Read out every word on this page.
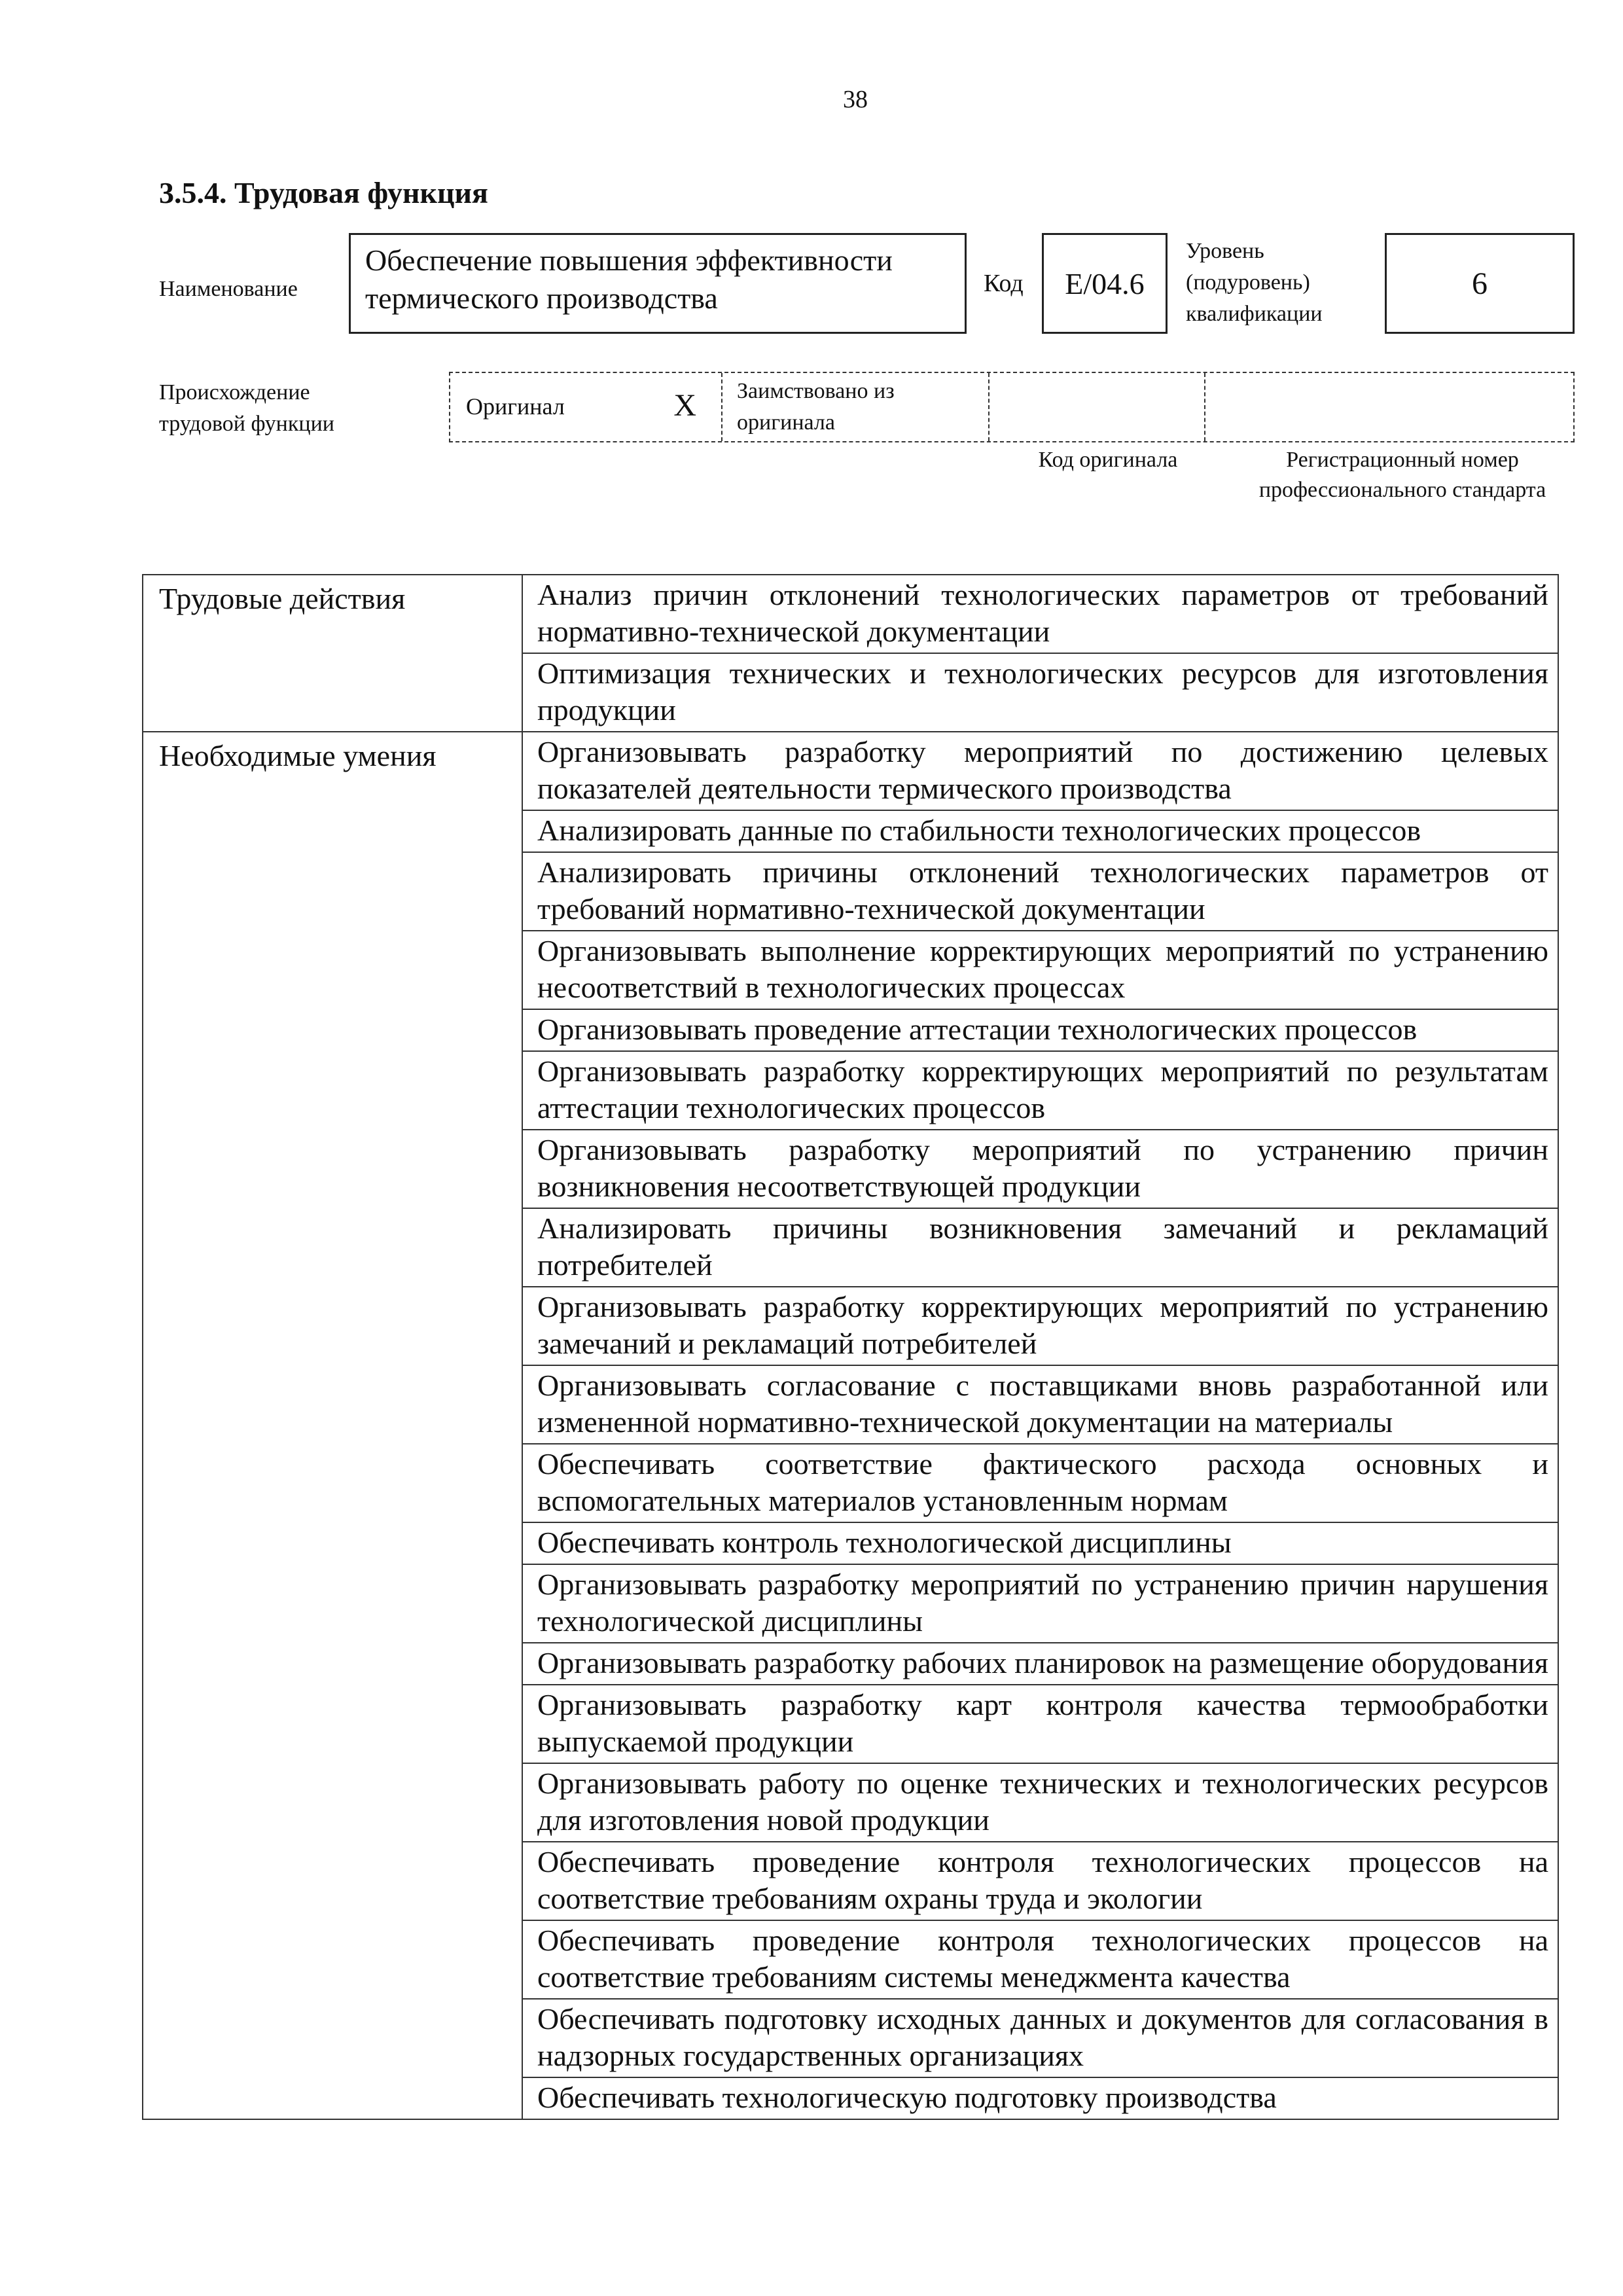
38
3.5.4. Трудовая функция
Наименование
Обеспечение повышения эффективности термического производства	Код	E/04.6
Уровень (подуровень) квалификации
6
Происхождение трудовой функции
Оригинал	X	Заимствовано из оригинала
Код оригинала	Регистрационный номер профессионального стандарта
Трудовые действия	Анализ причин отклонений технологических параметров от требований нормативно-технической документации

	Оптимизация технических и технологических ресурсов для изготовления продукции

Необходимые умения	Организовывать разработку мероприятий по достижению целевых показателей деятельности термического производства

	Анализировать данные по стабильности технологических процессов

	Анализировать причины отклонений технологических параметров от требований нормативно-технической документации

	Организовывать выполнение корректирующих мероприятий по устранению несоответствий в технологических процессах

	Организовывать проведение аттестации технологических процессов

	Организовывать разработку корректирующих мероприятий по результатам аттестации технологических процессов

	Организовывать разработку мероприятий по устранению причин возникновения несоответствующей продукции

	Анализировать причины возникновения замечаний и рекламаций потребителей

	Организовывать разработку корректирующих мероприятий по устранению замечаний и рекламаций потребителей

	Организовывать согласование с поставщиками вновь разработанной или измененной нормативно-технической документации на материалы

	Обеспечивать соответствие фактического расхода основных и вспомогательных материалов установленным нормам

	Обеспечивать контроль технологической дисциплины

	Организовывать разработку мероприятий по устранению причин нарушения технологической дисциплины

	Организовывать разработку рабочих планировок на размещение оборудования

	Организовывать разработку карт контроля качества термообработки выпускаемой продукции

	Организовывать работу по оценке технических и технологических ресурсов для изготовления новой продукции

	Обеспечивать проведение контроля технологических процессов на соответствие требованиям охраны труда и экологии

	Обеспечивать проведение контроля технологических процессов на соответствие требованиям системы менеджмента качества

	Обеспечивать подготовку исходных данных и документов для согласования в надзорных государственных организациях

	Обеспечивать технологическую подготовку производства
